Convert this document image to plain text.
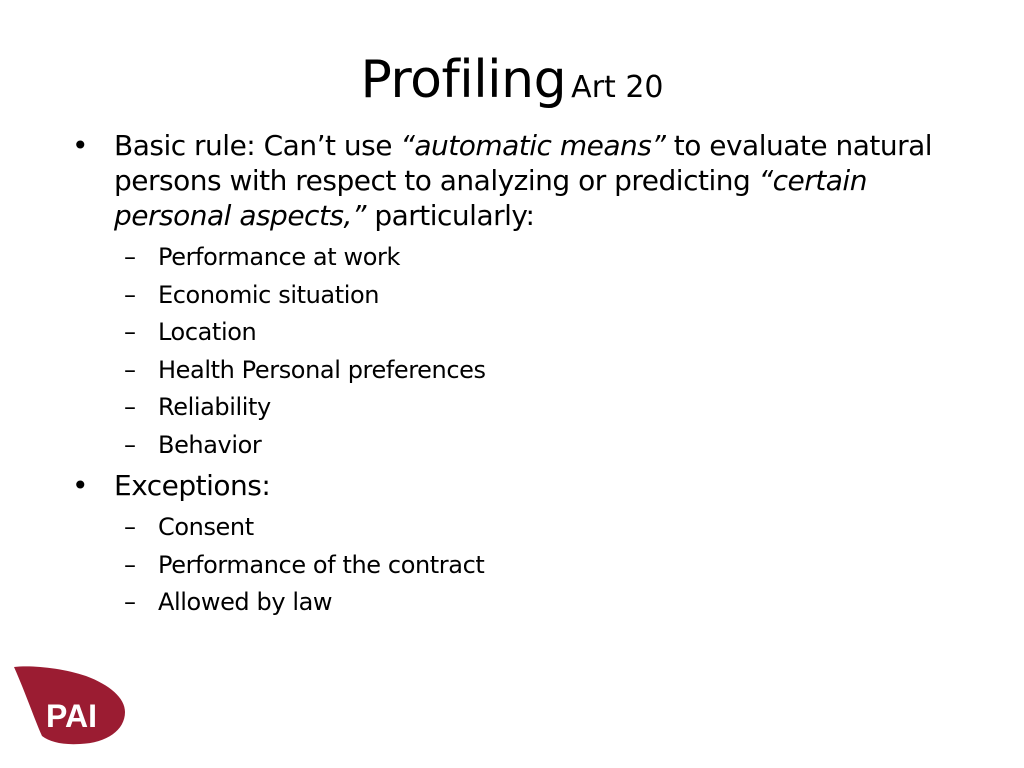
Profiling Art 20
• Basic rule: Can’t use “automatic means” to evaluate natural persons with respect to analyzing or predicting “certain personal aspects,” particularly:
– Performance at work
– Economic situation
– Location
– Health Personal preferences
– Reliability
– Behavior
• Exceptions:
– Consent
– Performance of the contract
– Allowed by law
PAI
